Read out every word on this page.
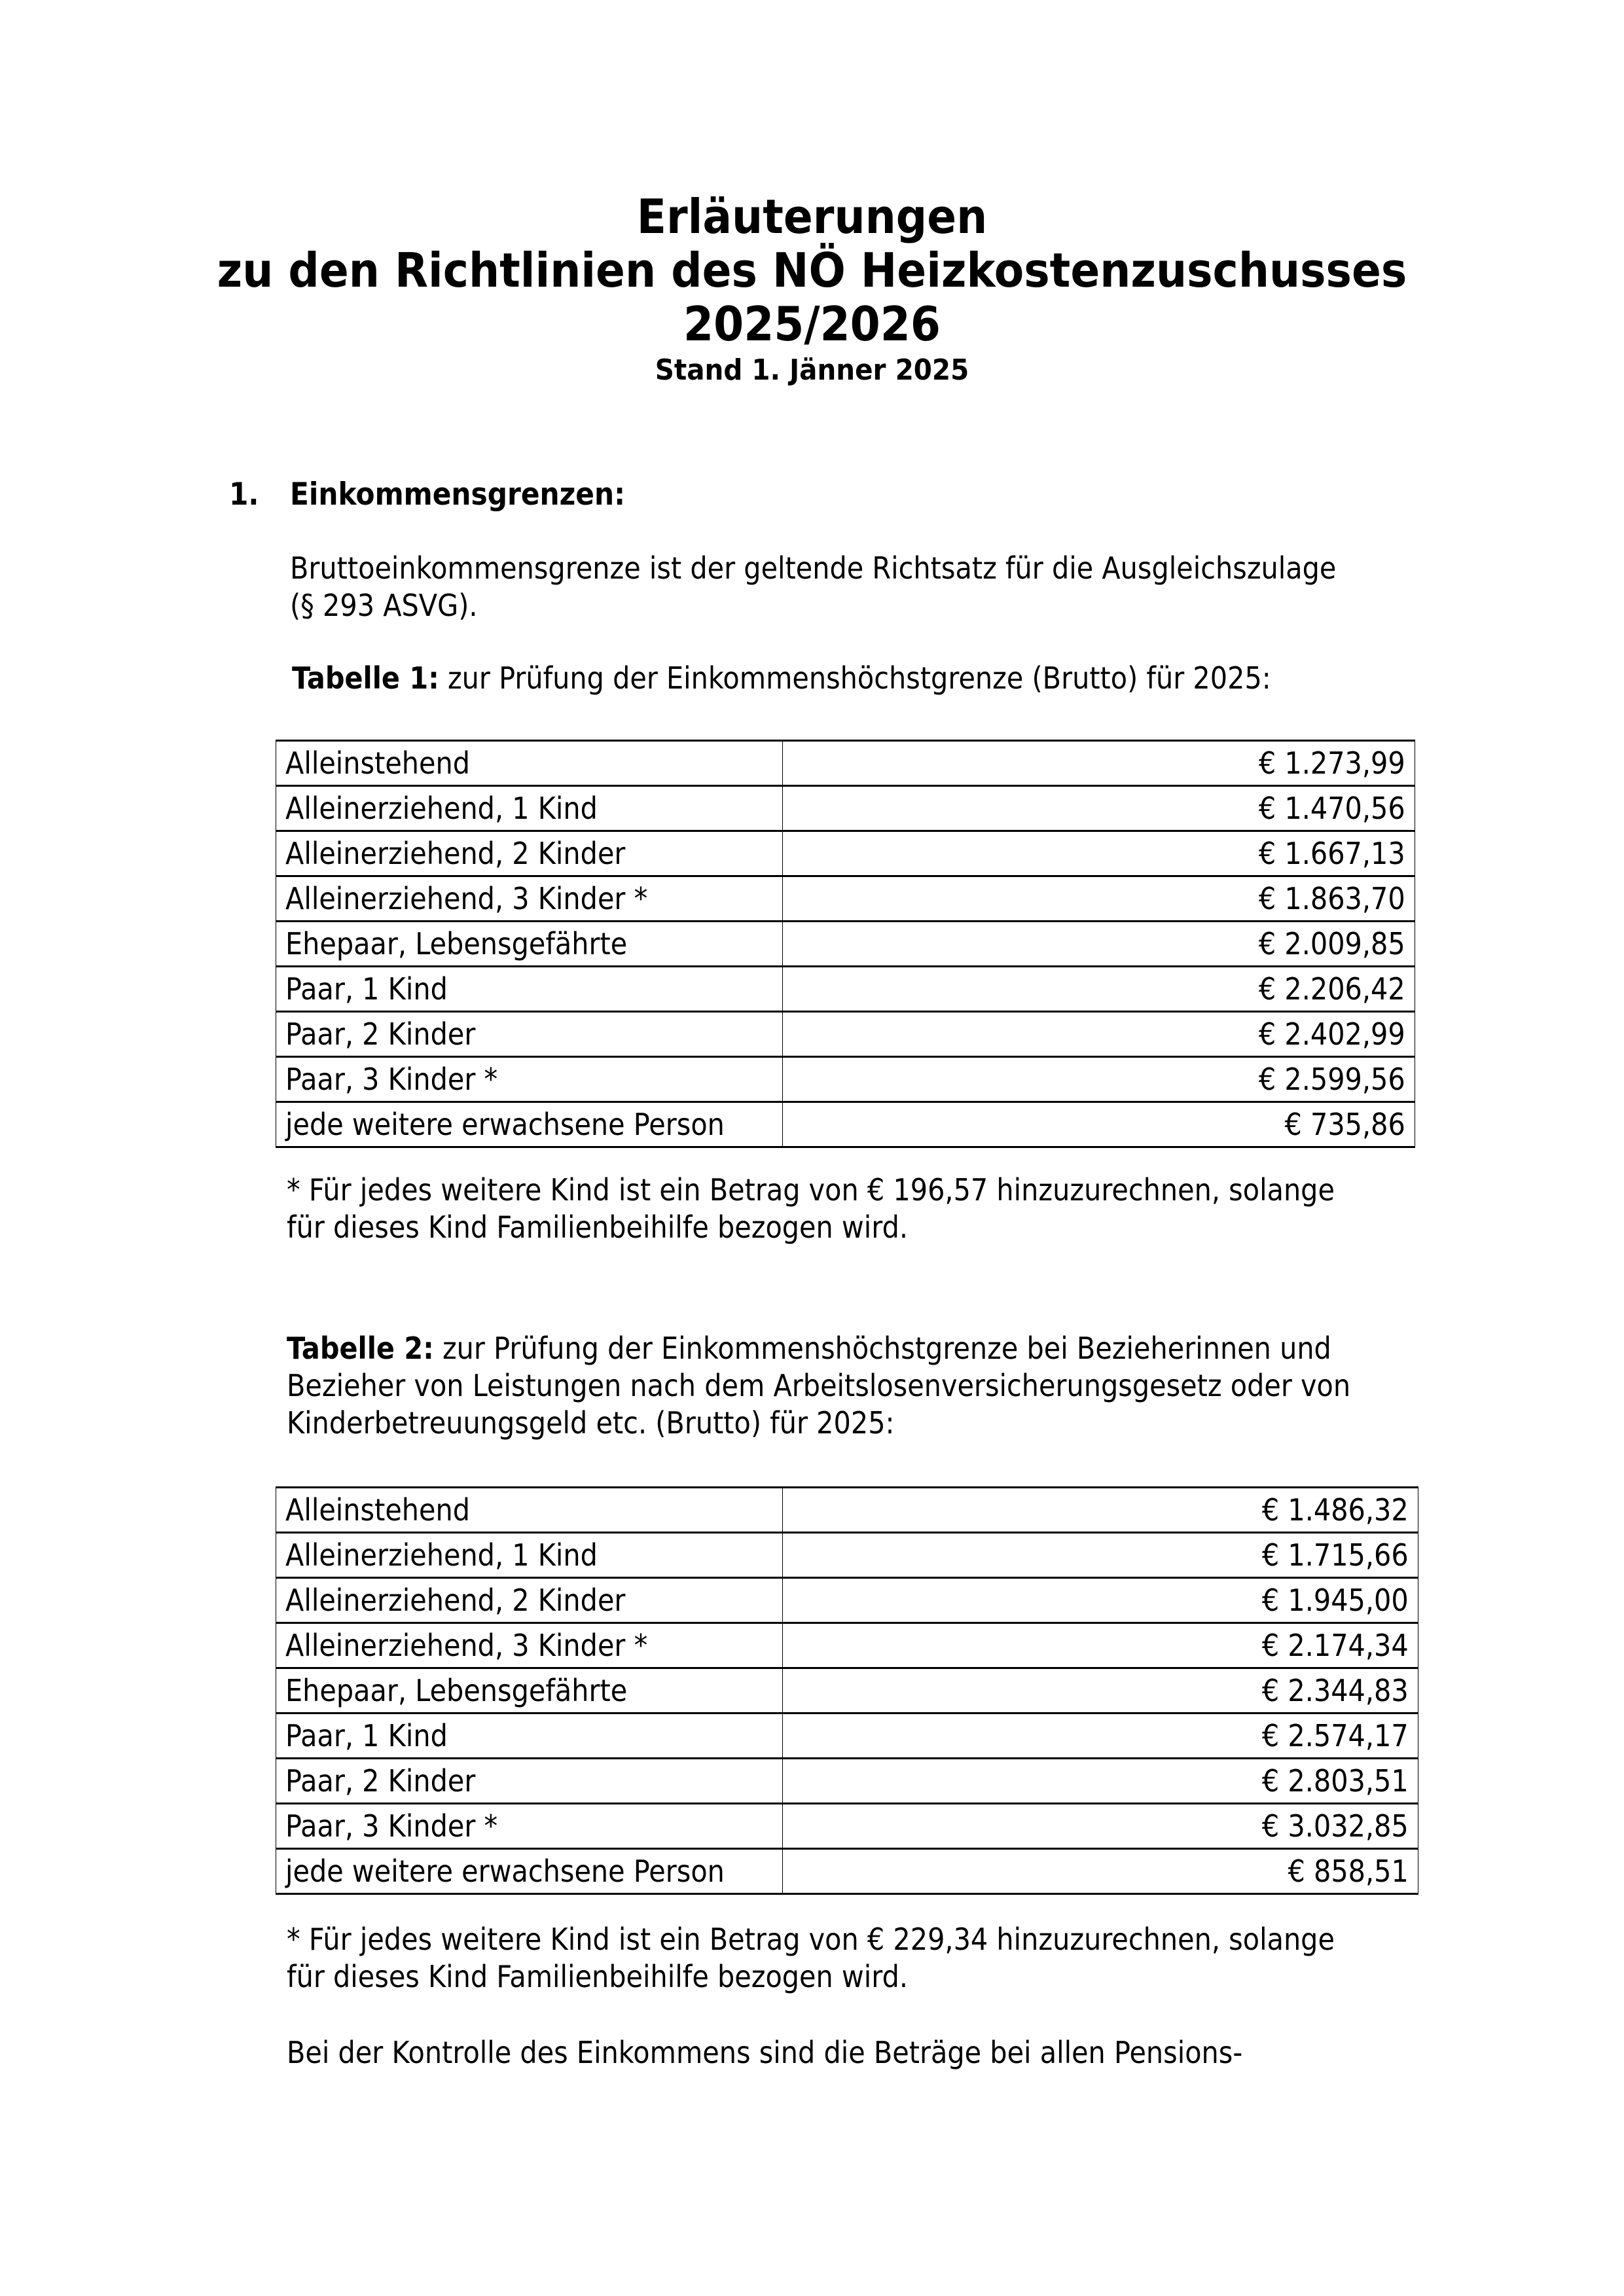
Erläuterungen
zu den Richtlinien des NÖ Heizkostenzuschusses
2025/2026
Stand 1. Jänner 2025
1. Einkommensgrenzen:
Bruttoeinkommensgrenze ist der geltende Richtsatz für die Ausgleichszulage
(§ 293 ASVG).
Tabelle 1: zur Prüfung der Einkommenshöchstgrenze (Brutto) für 2025:
Alleinstehend	€ 1.273,99
Alleinerziehend, 1 Kind	€ 1.470,56
Alleinerziehend, 2 Kinder	€ 1.667,13
Alleinerziehend, 3 Kinder *	€ 1.863,70
Ehepaar, Lebensgefährte	€ 2.009,85
Paar, 1 Kind	€ 2.206,42
Paar, 2 Kinder	€ 2.402,99
Paar, 3 Kinder *	€ 2.599,56
jede weitere erwachsene Person	€ 735,86
* Für jedes weitere Kind ist ein Betrag von € 196,57 hinzuzurechnen, solange
für dieses Kind Familienbeihilfe bezogen wird.
Tabelle 2: zur Prüfung der Einkommenshöchstgrenze bei Bezieherinnen und
Bezieher von Leistungen nach dem Arbeitslosenversicherungsgesetz oder von
Kinderbetreuungsgeld etc. (Brutto) für 2025:
Alleinstehend	€ 1.486,32
Alleinerziehend, 1 Kind	€ 1.715,66
Alleinerziehend, 2 Kinder	€ 1.945,00
Alleinerziehend, 3 Kinder *	€ 2.174,34
Ehepaar, Lebensgefährte	€ 2.344,83
Paar, 1 Kind	€ 2.574,17
Paar, 2 Kinder	€ 2.803,51
Paar, 3 Kinder *	€ 3.032,85
jede weitere erwachsene Person	€ 858,51
* Für jedes weitere Kind ist ein Betrag von € 229,34 hinzuzurechnen, solange
für dieses Kind Familienbeihilfe bezogen wird.
Bei der Kontrolle des Einkommens sind die Beträge bei allen Pensions-
